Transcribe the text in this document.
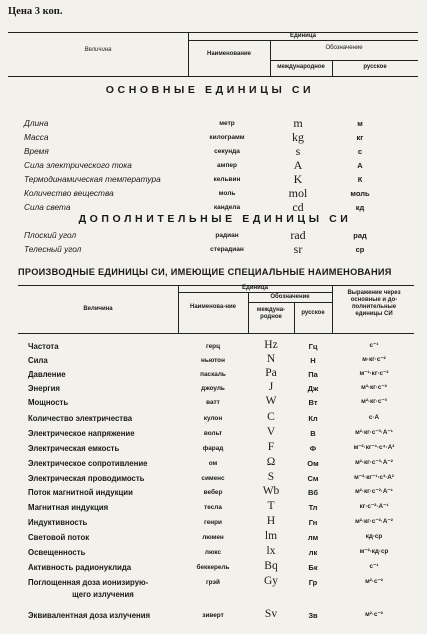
Цена 3 коп.
Величина
Единица
Наименование
Обозначение
международное	русское
ОСНОВНЫЕ ЕДИНИЦЫ СИ
Длина	метр	m	м
Масса	килограмм	kg	кг
Время	секунда	s	с
Сила электрического тока	ампер	A	А
Термодинамическая температура	кельвин	K	К
Количество вещества	моль	mol	моль
Сила света	кандела	cd	кд
ДОПОЛНИТЕЛЬНЫЕ ЕДИНИЦЫ СИ
Плоский угол	радиан	rad	рад
Телесный угол	стерадиан	sr	ср
ПРОИЗВОДНЫЕ ЕДИНИЦЫ СИ, ИМЕЮЩИЕ СПЕЦИАЛЬНЫЕ НАИМЕНОВАНИЯ
Величина
Единица
Наименова-ние
Обозначение
междуна-родное
русское
Выражение через основные и до-полнительные единицы СИ
Частота	герц	Hz	Гц	с⁻¹
Сила	ньютон	N	Н	м·кг·с⁻²
Давление	паскаль	Pa	Па	м⁻¹·кг·с⁻²
Энергия	джоуль	J	Дж	м²·кг·с⁻²
Мощность	ватт	W	Вт	м²·кг·с⁻³
Количество электричества	кулон	C	Кл	с·А
Электрическое напряжение	вольт	V	В	м²·кг·с⁻³·А⁻¹
Электрическая емкость	фарад	F	Ф	м⁻²·кг⁻¹·с⁴·А²
Электрическое сопротивление	ом	Ω	Ом	м²·кг·с⁻³·А⁻²
Электрическая проводимость	сименс	S	См	м⁻²·кг⁻¹·с³·А²
Поток магнитной индукции	вебер	Wb	Вб	м²·кг·с⁻²·А⁻¹
Магнитная индукция	тесла	T	Тл	кг·с⁻²·А⁻¹
Индуктивность	генри	H	Гн	м²·кг·с⁻²·А⁻²
Световой поток	люмен	lm	лм	кд·ср
Освещенность	люкс	lx	лк	м⁻²·кд·ср
Активность радионуклида	беккерель	Bq	Бк	с⁻¹
Поглощенная доза ионизирую-
щего излучения
грэй	Gy	Гр	м²·с⁻²
Эквивалентная доза излучения	зиверт	Sv	Зв	м²·с⁻²
